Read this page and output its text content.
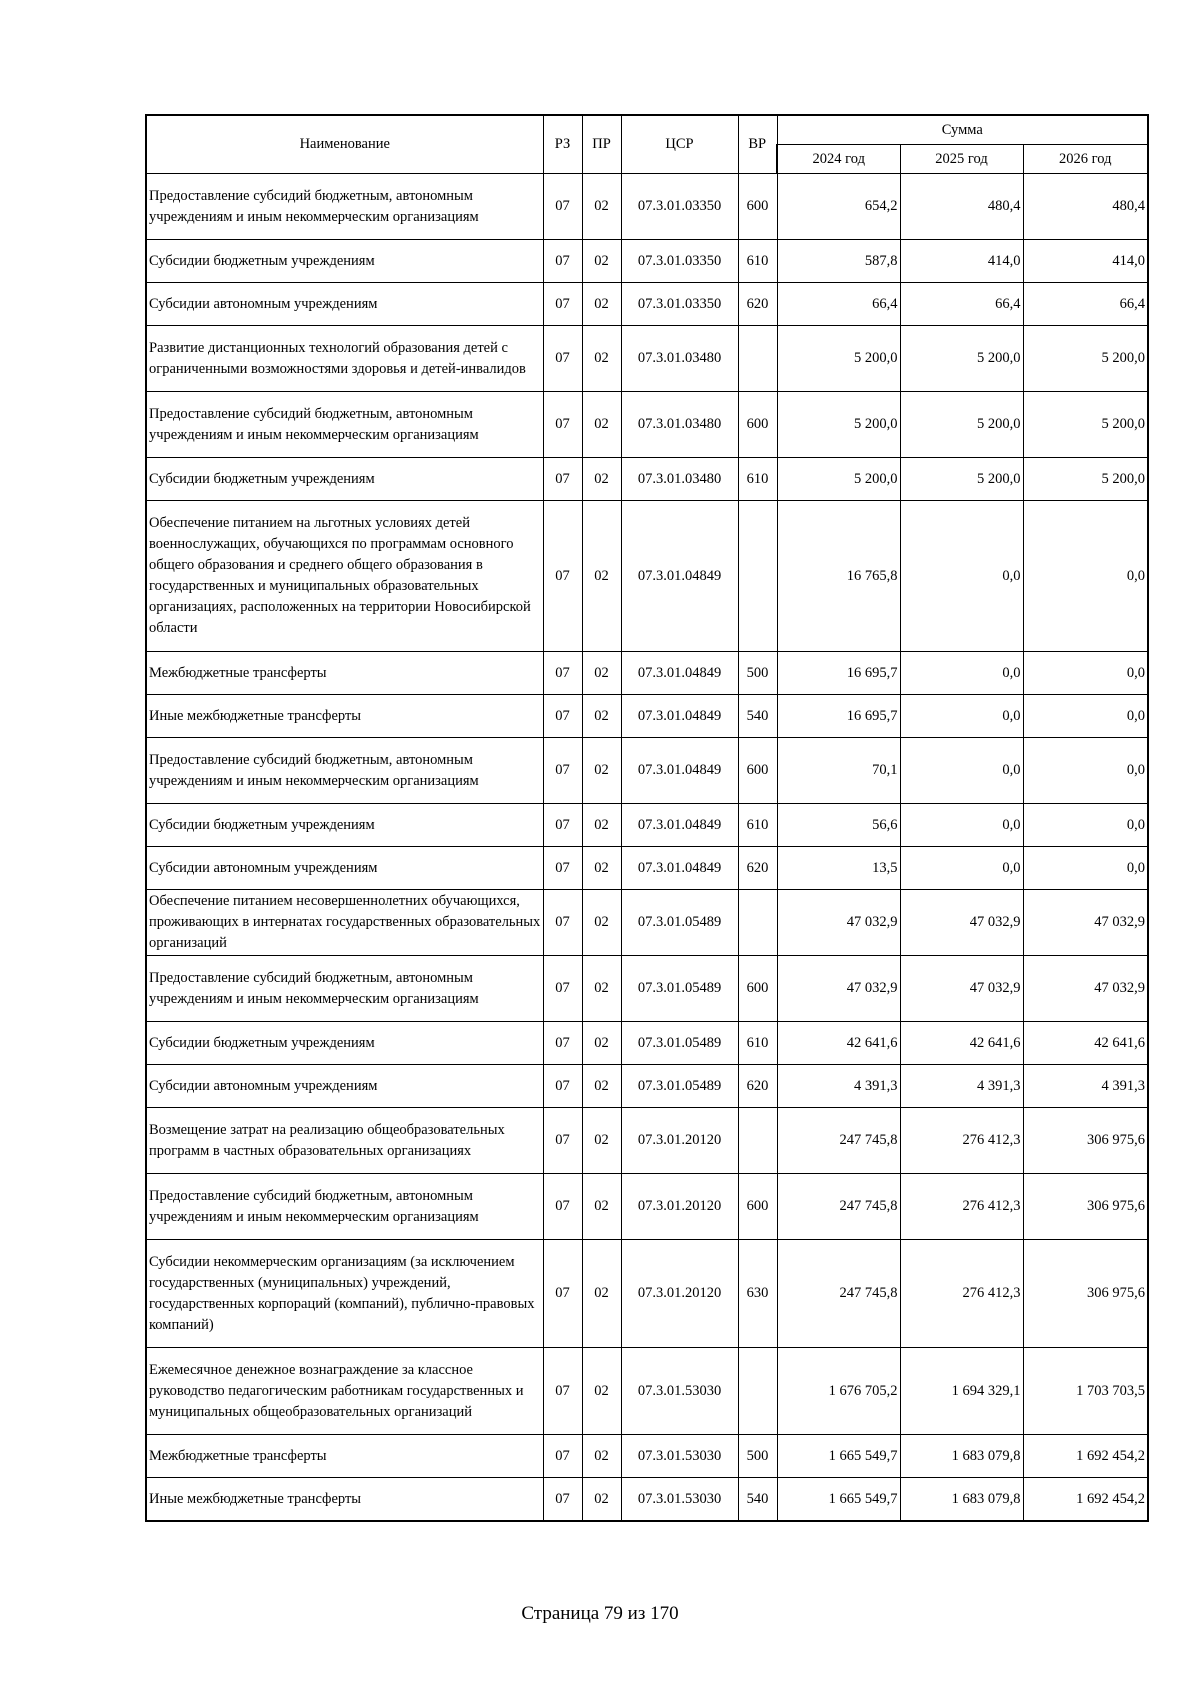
Наименование	РЗ	ПР	ЦСР	ВР	Сумма		
					2024 год	2025 год	2026 год
Предоставление субсидий бюджетным, автономным учреждениям и иным некоммерческим организациям	07	02	07.3.01.03350	600	654,2	480,4	480,4
Субсидии бюджетным учреждениям	07	02	07.3.01.03350	610	587,8	414,0	414,0
Субсидии автономным учреждениям	07	02	07.3.01.03350	620	66,4	66,4	66,4
Развитие дистанционных технологий образования детей с ограниченными возможностями здоровья и детей-инвалидов	07	02	07.3.01.03480		5 200,0	5 200,0	5 200,0
Предоставление субсидий бюджетным, автономным учреждениям и иным некоммерческим организациям	07	02	07.3.01.03480	600	5 200,0	5 200,0	5 200,0
Субсидии бюджетным учреждениям	07	02	07.3.01.03480	610	5 200,0	5 200,0	5 200,0
Обеспечение питанием на льготных условиях детей военнослужащих, обучающихся по программам основного общего образования и среднего общего образования в государственных и муниципальных образовательных организациях, расположенных на территории Новосибирской области	07	02	07.3.01.04849		16 765,8	0,0	0,0
Межбюджетные трансферты	07	02	07.3.01.04849	500	16 695,7	0,0	0,0
Иные межбюджетные трансферты	07	02	07.3.01.04849	540	16 695,7	0,0	0,0
Предоставление субсидий бюджетным, автономным учреждениям и иным некоммерческим организациям	07	02	07.3.01.04849	600	70,1	0,0	0,0
Субсидии бюджетным учреждениям	07	02	07.3.01.04849	610	56,6	0,0	0,0
Субсидии автономным учреждениям	07	02	07.3.01.04849	620	13,5	0,0	0,0
Обеспечение питанием несовершеннолетних обучающихся, проживающих в интернатах государственных образовательных организаций	07	02	07.3.01.05489		47 032,9	47 032,9	47 032,9
Предоставление субсидий бюджетным, автономным учреждениям и иным некоммерческим организациям	07	02	07.3.01.05489	600	47 032,9	47 032,9	47 032,9
Субсидии бюджетным учреждениям	07	02	07.3.01.05489	610	42 641,6	42 641,6	42 641,6
Субсидии автономным учреждениям	07	02	07.3.01.05489	620	4 391,3	4 391,3	4 391,3
Возмещение затрат на реализацию общеобразовательных программ в частных образовательных организациях	07	02	07.3.01.20120		247 745,8	276 412,3	306 975,6
Предоставление субсидий бюджетным, автономным учреждениям и иным некоммерческим организациям	07	02	07.3.01.20120	600	247 745,8	276 412,3	306 975,6
Субсидии некоммерческим организациям (за исключением государственных (муниципальных) учреждений, государственных корпораций (компаний), публично-правовых компаний)	07	02	07.3.01.20120	630	247 745,8	276 412,3	306 975,6
Ежемесячное денежное вознаграждение за классное руководство педагогическим работникам государственных и муниципальных общеобразовательных организаций	07	02	07.3.01.53030		1 676 705,2	1 694 329,1	1 703 703,5
Межбюджетные трансферты	07	02	07.3.01.53030	500	1 665 549,7	1 683 079,8	1 692 454,2
Иные межбюджетные трансферты	07	02	07.3.01.53030	540	1 665 549,7	1 683 079,8	1 692 454,2
Страница 79 из 170
